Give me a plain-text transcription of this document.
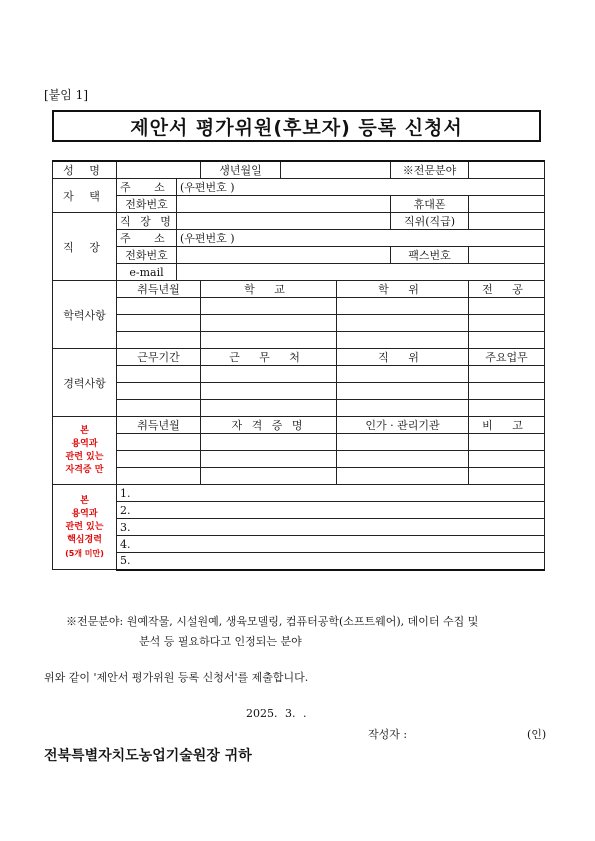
[붙임 1]
제안서 평가위원(후보자) 등록 신청서
성 명			생년월일			※전문분야	
자 택	주 소	(우편번호 )					
	전화번호					휴대폰	
직 장	직 장 명					직위(직급)	
	주 소	(우편번호 )					
	전화번호					팩스번호	
	e-mail						
학력사항	취득년월		학 교		학 위		전 공

경력사항	근무기간		근 무 처		직 위		주요업무

본
용역과
관련 있는
자격증 만	취득년월		자 격 증 명		인가 · 관리기관		비 고

본
용역과
관련 있는
핵심경력
(5개 미만)	1.						
	2.						
	3.						
	4.						
	5.						
※전문분야: 원예작물, 시설원예, 생육모델링, 컴퓨터공학(소프트웨어), 데이터 수집 및
분석 등 필요하다고 인정되는 분야
위와 같이 '제안서 평가위원 등록 신청서'를 제출합니다.
2025. 3. .
작성자 :	(인)
전북특별자치도농업기술원장 귀하
